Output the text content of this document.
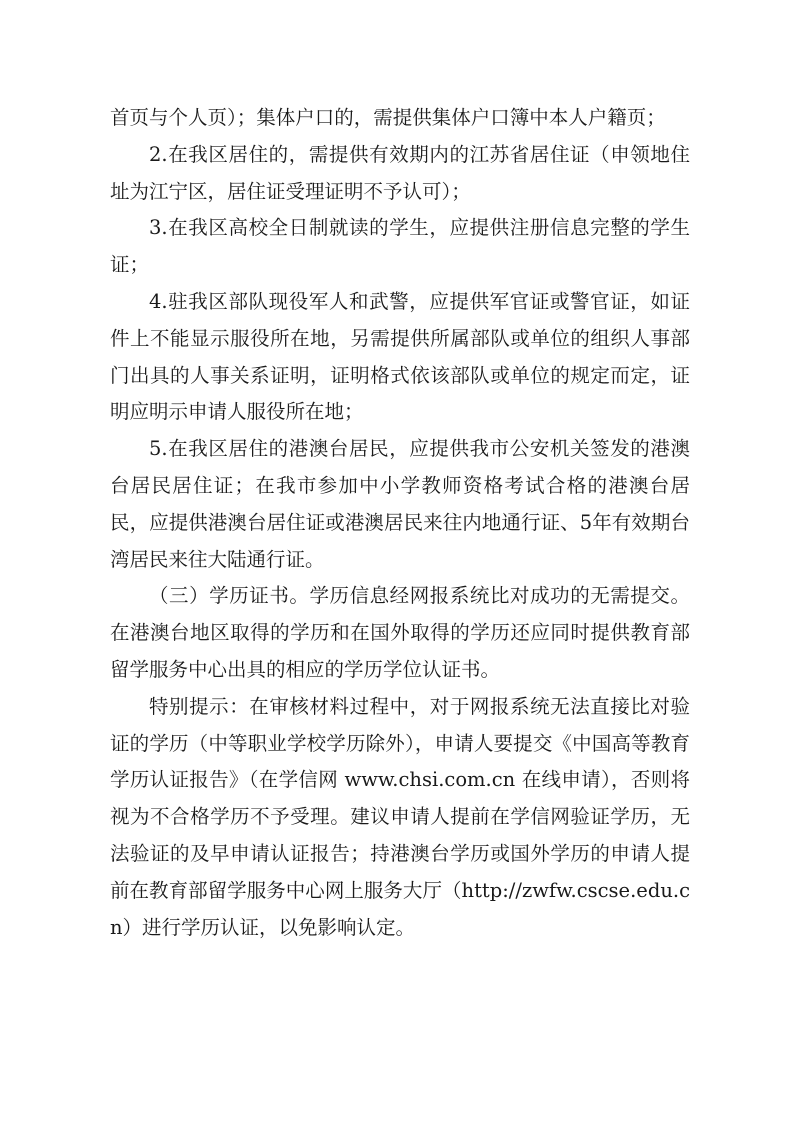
首页与个人页）；集体户口的，需提供集体户口簿中本人户籍页；

2.在我区居住的，需提供有效期内的江苏省居住证（申领地住址为江宁区，居住证受理证明不予认可）；

3.在我区高校全日制就读的学生，应提供注册信息完整的学生证；

4.驻我区部队现役军人和武警，应提供军官证或警官证，如证件上不能显示服役所在地，另需提供所属部队或单位的组织人事部门出具的人事关系证明，证明格式依该部队或单位的规定而定，证明应明示申请人服役所在地；

5.在我区居住的港澳台居民，应提供我市公安机关签发的港澳台居民居住证；在我市参加中小学教师资格考试合格的港澳台居民，应提供港澳台居住证或港澳居民来往内地通行证、5年有效期台湾居民来往大陆通行证。

（三）学历证书。学历信息经网报系统比对成功的无需提交。在港澳台地区取得的学历和在国外取得的学历还应同时提供教育部留学服务中心出具的相应的学历学位认证书。

特别提示：在审核材料过程中，对于网报系统无法直接比对验证的学历（中等职业学校学历除外），申请人要提交《中国高等教育学历认证报告》（在学信网 www.chsi.com.cn 在线申请），否则将视为不合格学历不予受理。建议申请人提前在学信网验证学历，无法验证的及早申请认证报告；持港澳台学历或国外学历的申请人提前在教育部留学服务中心网上服务大厅（http://zwfw.cscse.edu.cn）进行学历认证，以免影响认定。
